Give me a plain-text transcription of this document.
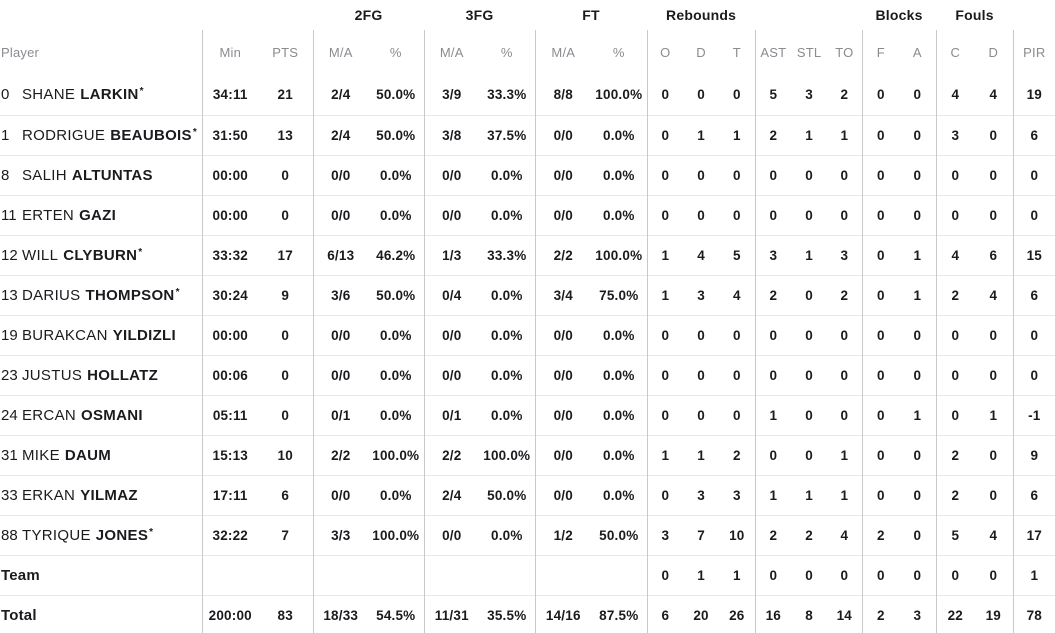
			2FG		3FG		FT		Rebounds						Blocks		Fouls		
Player	Min	PTS	M/A	%	M/A	%	M/A	%	O	D	T	AST	STL	TO	F	A	C	D	PIR
0 SHANE LARKIN*	34:11	21	2/4	50.0%	3/9	33.3%	8/8	100.0%	0	0	0	5	3	2	0	0	4	4	19
1 RODRIGUE BEAUBOIS*	31:50	13	2/4	50.0%	3/8	37.5%	0/0	0.0%	0	1	1	2	1	1	0	0	3	0	6
8 SALIH ALTUNTAS	00:00	0	0/0	0.0%	0/0	0.0%	0/0	0.0%	0	0	0	0	0	0	0	0	0	0	0
11 ERTEN GAZI	00:00	0	0/0	0.0%	0/0	0.0%	0/0	0.0%	0	0	0	0	0	0	0	0	0	0	0
12 WILL CLYBURN*	33:32	17	6/13	46.2%	1/3	33.3%	2/2	100.0%	1	4	5	3	1	3	0	1	4	6	15
13 DARIUS THOMPSON*	30:24	9	3/6	50.0%	0/4	0.0%	3/4	75.0%	1	3	4	2	0	2	0	1	2	4	6
19 BURAKCAN YILDIZLI	00:00	0	0/0	0.0%	0/0	0.0%	0/0	0.0%	0	0	0	0	0	0	0	0	0	0	0
23 JUSTUS HOLLATZ	00:06	0	0/0	0.0%	0/0	0.0%	0/0	0.0%	0	0	0	0	0	0	0	0	0	0	0
24 ERCAN OSMANI	05:11	0	0/1	0.0%	0/1	0.0%	0/0	0.0%	0	0	0	1	0	0	0	1	0	1	-1
31 MIKE DAUM	15:13	10	2/2	100.0%	2/2	100.0%	0/0	0.0%	1	1	2	0	0	1	0	0	2	0	9
33 ERKAN YILMAZ	17:11	6	0/0	0.0%	2/4	50.0%	0/0	0.0%	0	3	3	1	1	1	0	0	2	0	6
88 TYRIQUE JONES*	32:22	7	3/3	100.0%	0/0	0.0%	1/2	50.0%	3	7	10	2	2	4	2	0	5	4	17
Team									0	1	1	0	0	0	0	0	0	0	1
Total	200:00	83	18/33	54.5%	11/31	35.5%	14/16	87.5%	6	20	26	16	8	14	2	3	22	19	78
